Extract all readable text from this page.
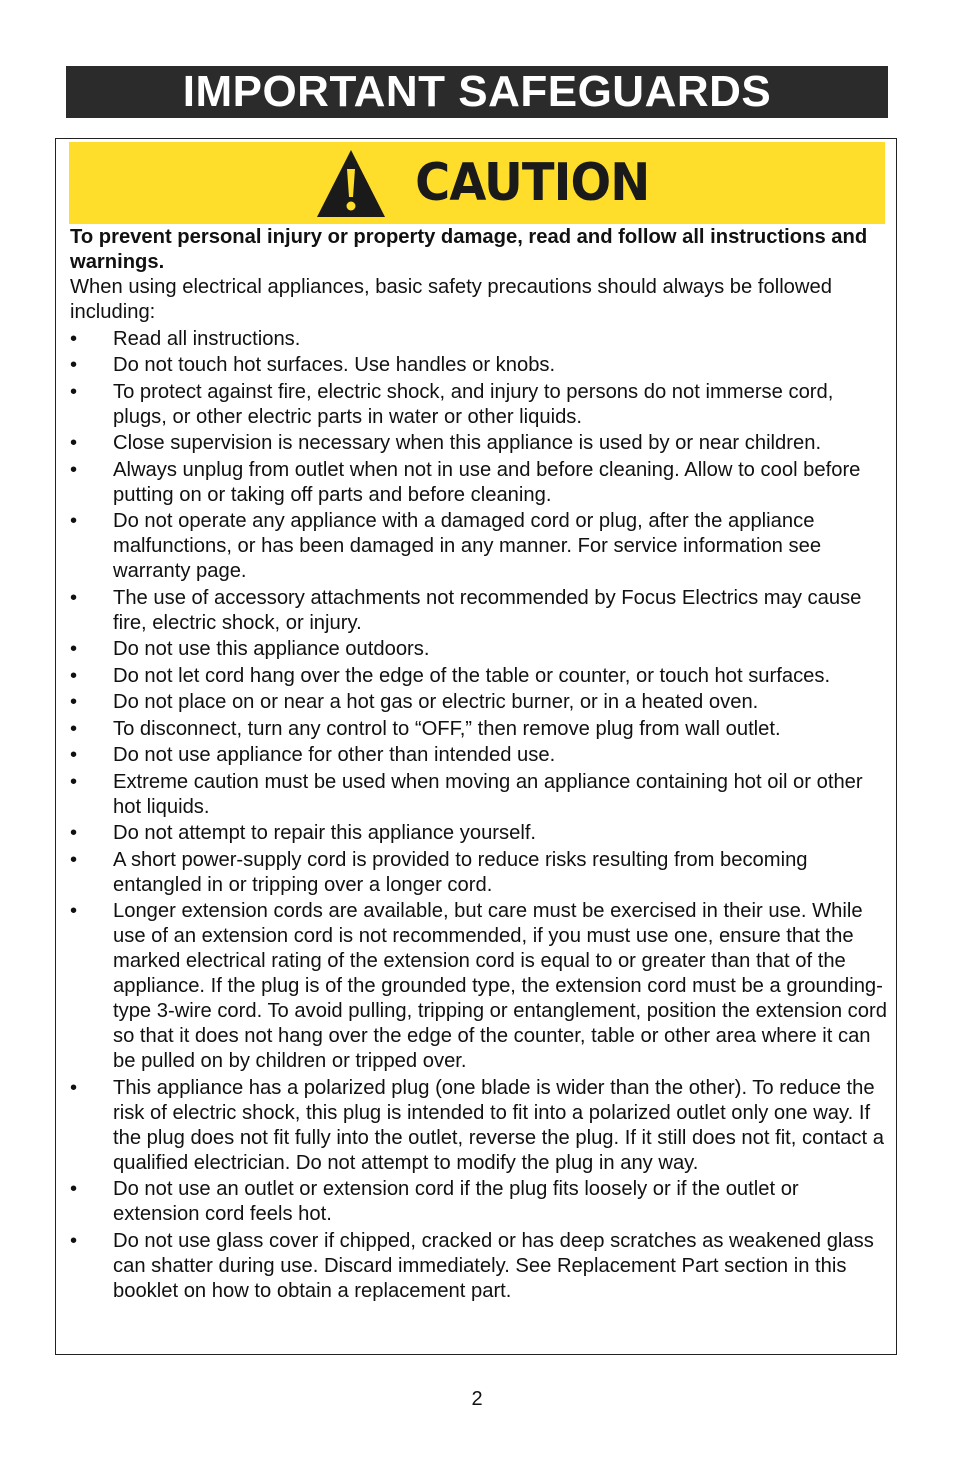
IMPORTANT SAFEGUARDS
CAUTION

To prevent personal injury or property damage, read and follow all instructions and warnings.

When using electrical appliances, basic safety precautions should always be followed including:

• Read all instructions.
• Do not touch hot surfaces. Use handles or knobs.
• To protect against fire, electric shock, and injury to persons do not immerse cord, plugs, or other electric parts in water or other liquids.
• Close supervision is necessary when this appliance is used by or near children.
• Always unplug from outlet when not in use and before cleaning. Allow to cool before putting on or taking off parts and before cleaning.
• Do not operate any appliance with a damaged cord or plug, after the appliance malfunctions, or has been damaged in any manner. For service information see warranty page.
• The use of accessory attachments not recommended by Focus Electrics may cause fire, electric shock, or injury.
• Do not use this appliance outdoors.
• Do not let cord hang over the edge of the table or counter, or touch hot surfaces.
• Do not place on or near a hot gas or electric burner, or in a heated oven.
• To disconnect, turn any control to “OFF,” then remove plug from wall outlet.
• Do not use appliance for other than intended use.
• Extreme caution must be used when moving an appliance containing hot oil or other hot liquids.
• Do not attempt to repair this appliance yourself.
• A short power-supply cord is provided to reduce risks resulting from becoming entangled in or tripping over a longer cord.
• Longer extension cords are available, but care must be exercised in their use. While use of an extension cord is not recommended, if you must use one, ensure that the marked electrical rating of the extension cord is equal to or greater than that of the appliance. If the plug is of the grounded type, the extension cord must be a grounding-type 3-wire cord. To avoid pulling, tripping or entanglement, position the extension cord so that it does not hang over the edge of the counter, table or other area where it can be pulled on by children or tripped over.
• This appliance has a polarized plug (one blade is wider than the other). To reduce the risk of electric shock, this plug is intended to fit into a polarized outlet only one way. If the plug does not fit fully into the outlet, reverse the plug. If it still does not fit, contact a qualified electrician. Do not attempt to modify the plug in any way.
• Do not use an outlet or extension cord if the plug fits loosely or if the outlet or extension cord feels hot.
• Do not use glass cover if chipped, cracked or has deep scratches as weakened glass can shatter during use. Discard immediately. See Replacement Part section in this booklet on how to obtain a replacement part.
2
